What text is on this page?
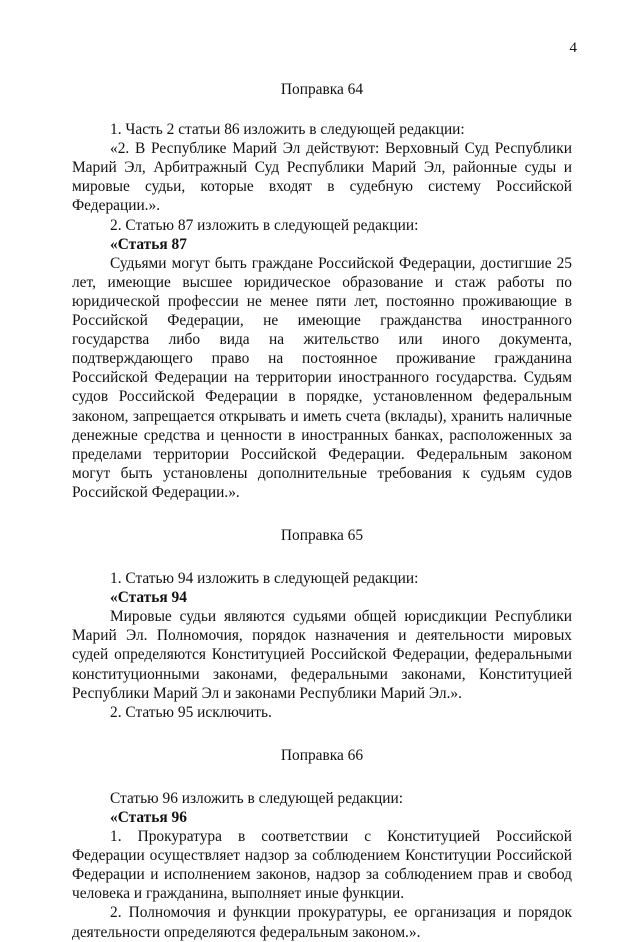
4
Поправка 64

1. Часть 2 статьи 86 изложить в следующей редакции:

«2. В Республике Марий Эл действуют: Верховный Суд Республики Марий Эл, Арбитражный Суд Республики Марий Эл, районные суды и мировые судьи, которые входят в судебную систему Российской Федерации.».

2. Статью 87 изложить в следующей редакции:

«Статья 87

Судьями могут быть граждане Российской Федерации, достигшие 25 лет, имеющие высшее юридическое образование и стаж работы по юридической профессии не менее пяти лет, постоянно проживающие в Российской Федерации, не имеющие гражданства иностранного государства либо вида на жительство или иного документа, подтверждающего право на постоянное проживание гражданина Российской Федерации на территории иностранного государства. Судьям судов Российской Федерации в порядке, установленном федеральным законом, запрещается открывать и иметь счета (вклады), хранить наличные денежные средства и ценности в иностранных банках, расположенных за пределами территории Российской Федерации. Федеральным законом могут быть установлены дополнительные требования к судьям судов Российской Федерации.».

Поправка 65

1. Статью 94 изложить в следующей редакции:

«Статья 94

Мировые судьи являются судьями общей юрисдикции Республики Марий Эл. Полномочия, порядок назначения и деятельности мировых судей определяются Конституцией Российской Федерации, федеральными конституционными законами, федеральными законами, Конституцией Республики Марий Эл и законами Республики Марий Эл.».

2. Статью 95 исключить.

Поправка 66

Статью 96 изложить в следующей редакции:

«Статья 96

1. Прокуратура в соответствии с Конституцией Российской Федерации осуществляет надзор за соблюдением Конституции Российской Федерации и исполнением законов, надзор за соблюдением прав и свобод человека и гражданина, выполняет иные функции.

2. Полномочия и функции прокуратуры, ее организация и порядок деятельности определяются федеральным законом.».
